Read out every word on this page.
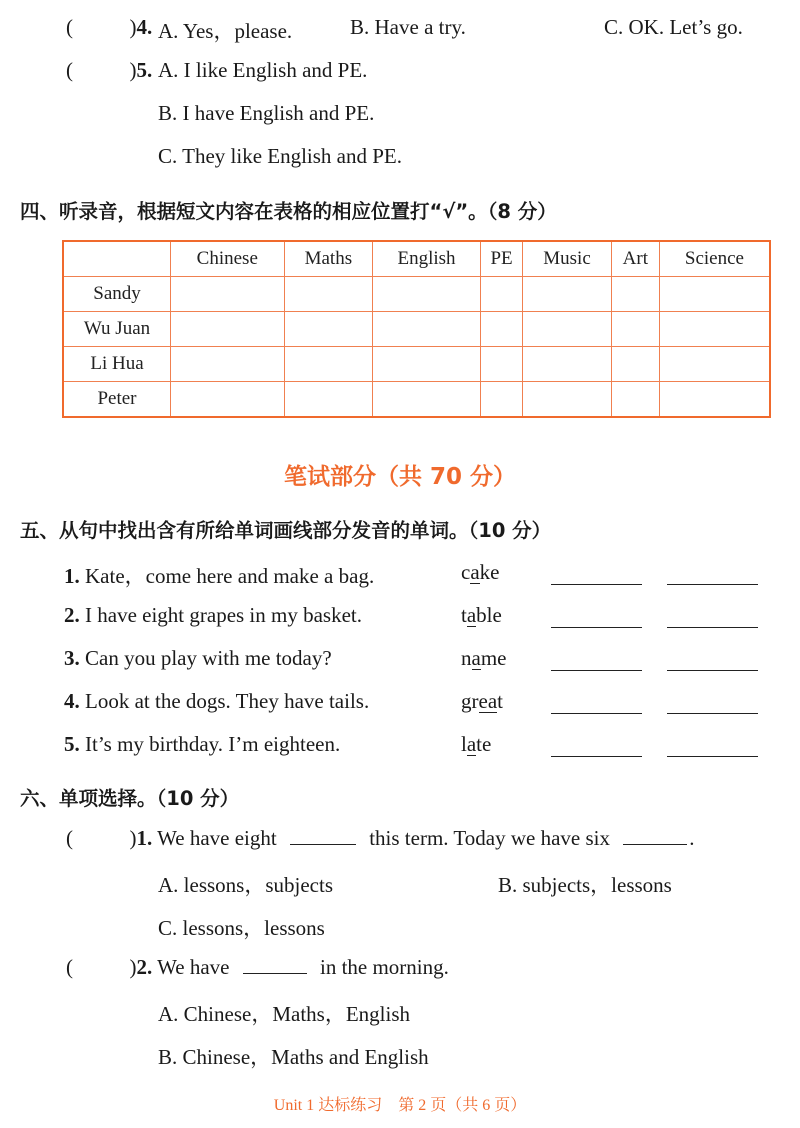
(	)4. A. Yes，please.	B. Have a try.	C. OK. Let’s go.
(	)5. A. I like English and PE.
B. I have English and PE.
C. They like English and PE.
四、听录音，根据短文内容在表格的相应位置打“√”。（8 分）
	Chinese	Maths	English	PE	Music	Art	Science
Sandy							
Wu Juan							
Li Hua							
Peter							
笔试部分（共 70 分）
五、从句中找出含有所给单词画线部分发音的单词。（10 分）
1. Kate，come here and make a bag.	cake
2. I have eight grapes in my basket.	table
3. Can you play with me today?	name
4. Look at the dogs. They have tails.	great
5. It’s my birthday. I’m eighteen.	late
六、单项选择。（10 分）
(	)1. We have eight	this term. Today we have six	.
A. lessons，subjects	B. subjects，lessons
C. lessons，lessons
(	)2. We have	in the morning.
A. Chinese，Maths，English
B. Chinese，Maths and English
Unit 1 达标练习　第 2 页（共 6 页）
